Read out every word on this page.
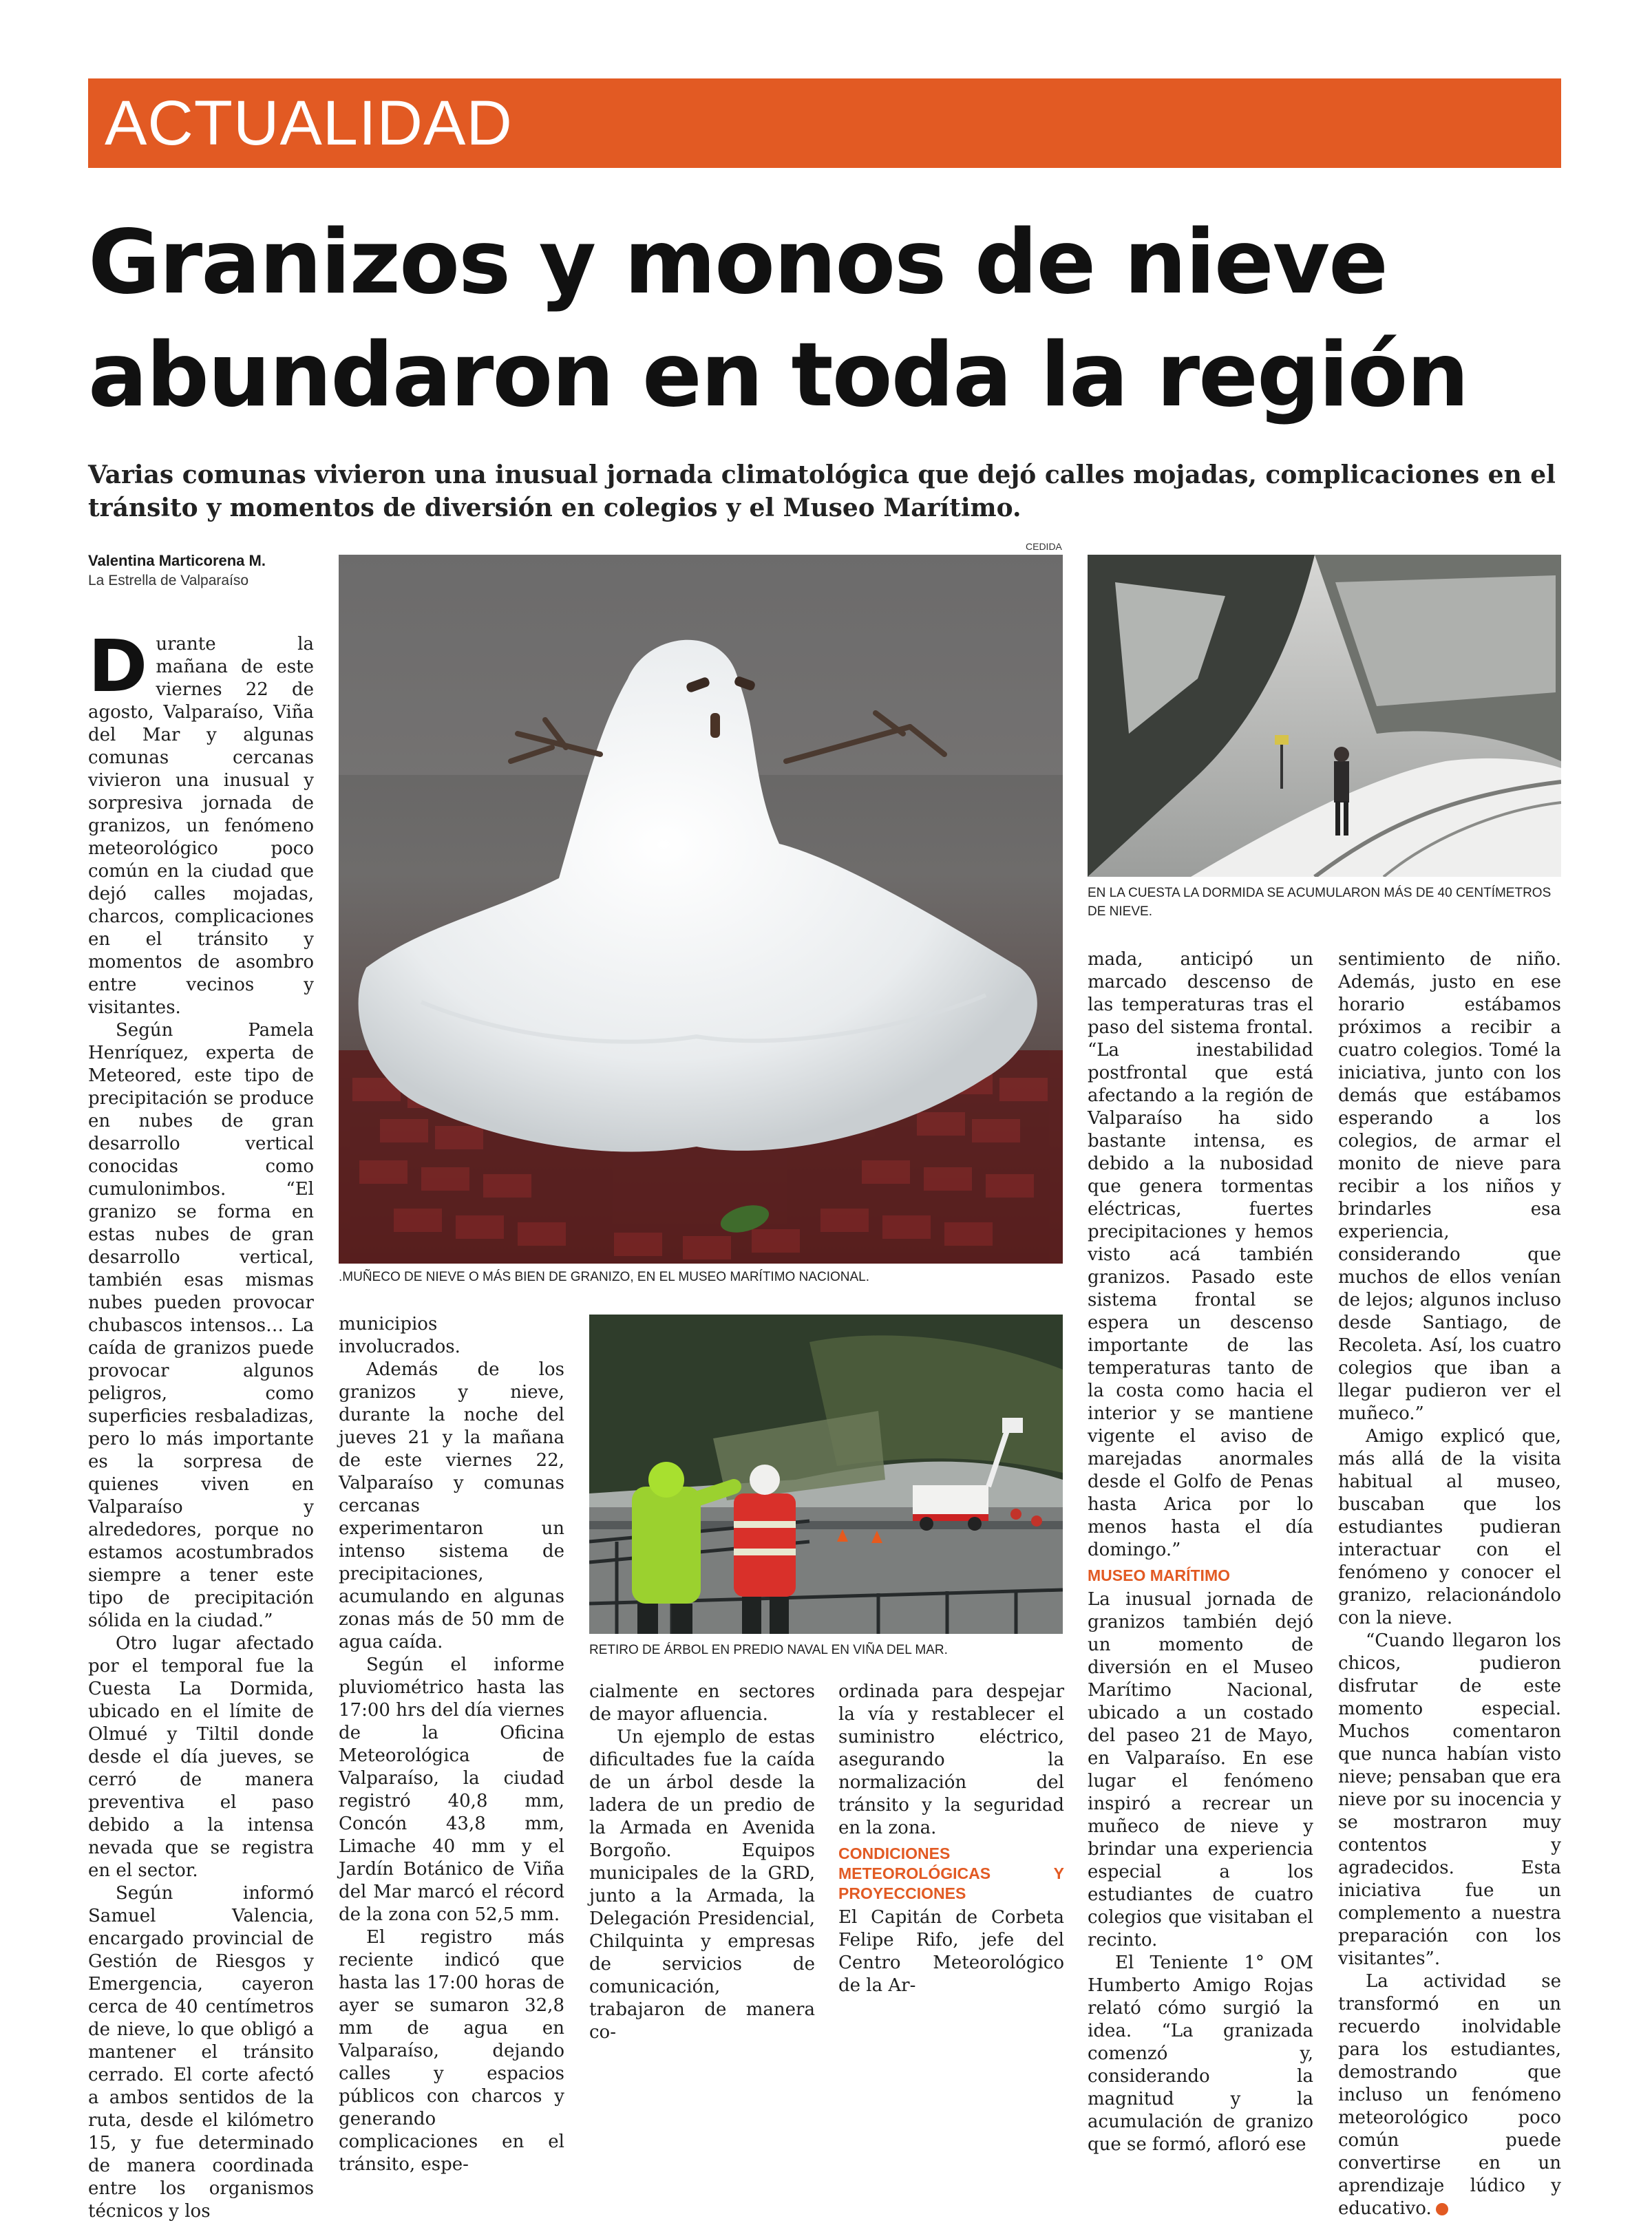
ACTUALIDAD
Granizos y monos de nieve
abundaron en toda la región
Varias comunas vivieron una inusual jornada climatológica que dejó calles mojadas, complicaciones en el tránsito y momentos de diversión en colegios y el Museo Marítimo.
Valentina Marticorena M.
La Estrella de Valparaíso
CEDIDA
.MUÑECO DE NIEVE O MÁS BIEN DE GRANIZO, EN EL MUSEO MARÍTIMO NACIONAL.
EN LA CUESTA LA DORMIDA SE ACUMULARON MÁS DE 40 CENTÍMETROS DE NIEVE.
RETIRO DE ÁRBOL EN PREDIO NAVAL EN VIÑA DEL MAR.

Durante la mañana de este viernes 22 de agosto, Valparaíso, Viña del Mar y algunas comunas cercanas vivieron una inusual y sorpresiva jornada de granizos, un fenómeno meteorológico poco común en la ciudad que dejó calles mojadas, charcos, complicaciones en el tránsito y momentos de asombro entre vecinos y visitantes.

Según Pamela Henríquez, experta de Meteored, este tipo de precipitación se produce en nubes de gran desarrollo vertical conocidas como cumulonimbos. “El granizo se forma en estas nubes de gran desarrollo vertical, también esas mismas nubes pueden provocar chubascos intensos… La caída de granizos puede provocar algunos peligros, como superficies resbaladizas, pero lo más importante es la sorpresa de quienes viven en Valparaíso y alrededores, porque no estamos acostumbrados siempre a tener este tipo de precipitación sólida en la ciudad.”

Otro lugar afectado por el temporal fue la Cuesta La Dormida, ubicado en el límite de Olmué y Tiltil donde desde el día jueves, se cerró de manera preventiva el paso debido a la intensa nevada que se registra en el sector.

Según informó Samuel Valencia, encargado provincial de Gestión de Riesgos y Emergencia, cayeron cerca de 40 centímetros de nieve, lo que obligó a mantener el tránsito cerrado. El corte afectó a ambos sentidos de la ruta, desde el kilómetro 15, y fue determinado de manera coordinada entre los organismos técnicos y los

municipios involucrados.

Además de los granizos y nieve, durante la noche del jueves 21 y la mañana de este viernes 22, Valparaíso y comunas cercanas experimentaron un intenso sistema de precipitaciones, acumulando en algunas zonas más de 50 mm de agua caída.

Según el informe pluviométrico hasta las 17:00 hrs del día viernes de la Oficina Meteorológica de Valparaíso, la ciudad registró 40,8 mm, Concón 43,8 mm, Limache 40 mm y el Jardín Botánico de Viña del Mar marcó el récord de la zona con 52,5 mm.

El registro más reciente indicó que hasta las 17:00 horas de ayer se sumaron 32,8 mm de agua en Valparaíso, dejando calles y espacios públicos con charcos y generando complicaciones en el tránsito, espe-

cialmente en sectores de mayor afluencia.

Un ejemplo de estas dificultades fue la caída de un árbol desde la ladera de un predio de la Armada en Avenida Borgoño. Equipos municipales de la GRD, junto a la Armada, la Delegación Presidencial, Chilquinta y empresas de servicios de comunicación, trabajaron de manera co-

ordinada para despejar la vía y restablecer el suministro eléctrico, asegurando la normalización del tránsito y la seguridad en la zona.

CONDICIONES METEOROLÓGICAS Y PROYECCIONES

El Capitán de Corbeta Felipe Rifo, jefe del Centro Meteorológico de la Ar-

mada, anticipó un marcado descenso de las temperaturas tras el paso del sistema frontal. “La inestabilidad postfrontal que está afectando a la región de Valparaíso ha sido bastante intensa, es debido a la nubosidad que genera tormentas eléctricas, fuertes precipitaciones y hemos visto acá también granizos. Pasado este sistema frontal se espera un descenso importante de las temperaturas tanto de la costa como hacia el interior y se mantiene vigente el aviso de marejadas anormales desde el Golfo de Penas hasta Arica por lo menos hasta el día domingo.”

MUSEO MARÍTIMO

La inusual jornada de granizos también dejó un momento de diversión en el Museo Marítimo Nacional, ubicado a un costado del paseo 21 de Mayo, en Valparaíso. En ese lugar el fenómeno inspiró a recrear un muñeco de nieve y brindar una experiencia especial a los estudiantes de cuatro colegios que visitaban el recinto.

El Teniente 1° OM Humberto Amigo Rojas relató cómo surgió la idea. “La granizada comenzó y, considerando la magnitud y la acumulación de granizo que se formó, afloró ese

sentimiento de niño. Además, justo en ese horario estábamos próximos a recibir a cuatro colegios. Tomé la iniciativa, junto con los demás que estábamos esperando a los colegios, de armar el monito de nieve para recibir a los niños y brindarles esa experiencia, considerando que muchos de ellos venían de lejos; algunos incluso desde Santiago, de Recoleta. Así, los cuatro colegios que iban a llegar pudieron ver el muñeco.”

Amigo explicó que, más allá de la visita habitual al museo, buscaban que los estudiantes pudieran interactuar con el fenómeno y conocer el granizo, relacionándolo con la nieve.

“Cuando llegaron los chicos, pudieron disfrutar de este momento especial. Muchos comentaron que nunca habían visto nieve; pensaban que era nieve por su inocencia y se mostraron muy contentos y agradecidos. Esta iniciativa fue un complemento a nuestra preparación con los visitantes”.

La actividad se transformó en un recuerdo inolvidable para los estudiantes, demostrando que incluso un fenómeno meteorológico poco común puede convertirse en un aprendizaje lúdico y educativo.
